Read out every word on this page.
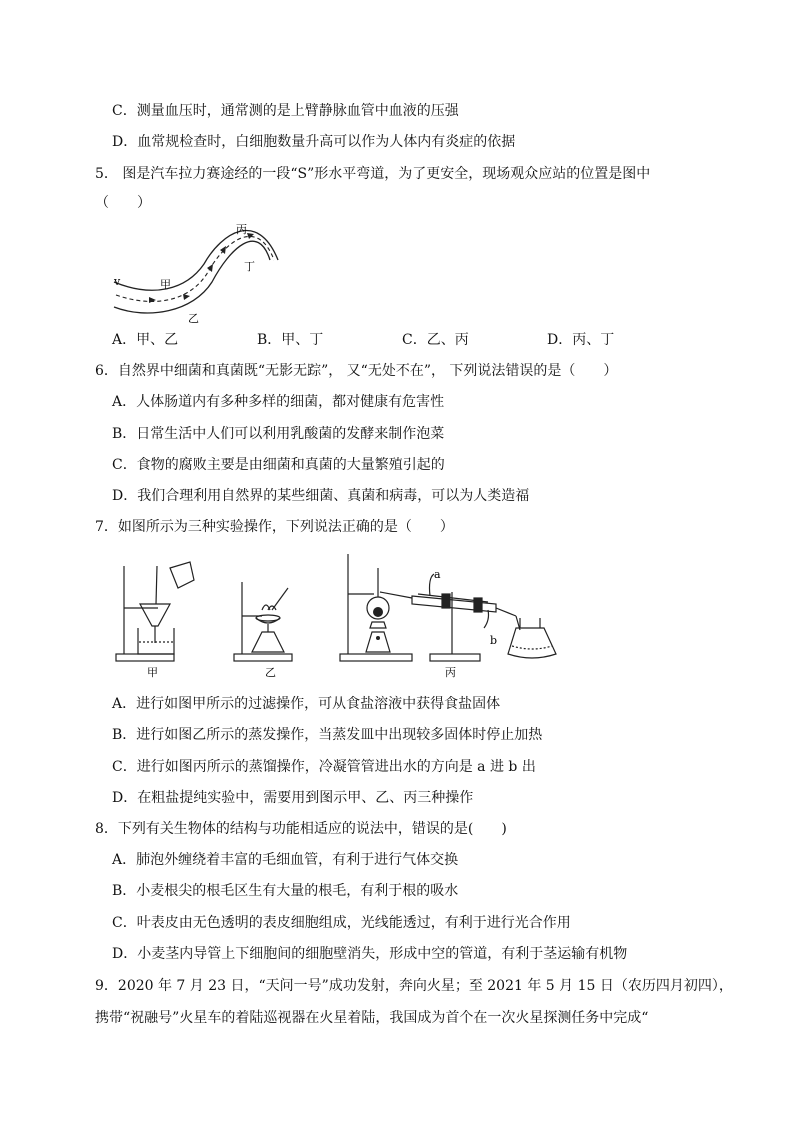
C．测量血压时，通常测的是上臂静脉血管中血液的压强
D．血常规检查时，白细胞数量升高可以作为人体内有炎症的依据
5． 图是汽车拉力赛途经的一段“S”形水平弯道，为了更安全，现场观众应站的位置是图中
（　　）
v	甲
乙
丙
丁
A．甲、乙	B．甲、丁	C．乙、丙	D．丙、丁
6．自然界中细菌和真菌既“无影无踪”， 又“无处不在”， 下列说法错误的是（　　）
A．人体肠道内有多种多样的细菌，都对健康有危害性
B．日常生活中人们可以利用乳酸菌的发酵来制作泡菜
C．食物的腐败主要是由细菌和真菌的大量繁殖引起的
D．我们合理利用自然界的某些细菌、真菌和病毒，可以为人类造福
7．如图所示为三种实验操作，下列说法正确的是（　　）
甲	乙	丙
a
b
A．进行如图甲所示的过滤操作，可从食盐溶液中获得食盐固体
B．进行如图乙所示的蒸发操作，当蒸发皿中出现较多固体时停止加热
C．进行如图丙所示的蒸馏操作，冷凝管管进出水的方向是 a 进 b 出
D．在粗盐提纯实验中，需要用到图示甲、乙、丙三种操作
8．下列有关生物体的结构与功能相适应的说法中，错误的是(　　)
A．肺泡外缠绕着丰富的毛细血管，有利于进行气体交换
B．小麦根尖的根毛区生有大量的根毛，有利于根的吸水
C．叶表皮由无色透明的表皮细胞组成，光线能透过，有利于进行光合作用
D．小麦茎内导管上下细胞间的细胞壁消失，形成中空的管道，有利于茎运输有机物
9．2020 年 7 月 23 日，“天问一号”成功发射，奔向火星；至 2021 年 5 月 15 日（农历四月初四），
携带“祝融号”火星车的着陆巡视器在火星着陆，我国成为首个在一次火星探测任务中完成“
